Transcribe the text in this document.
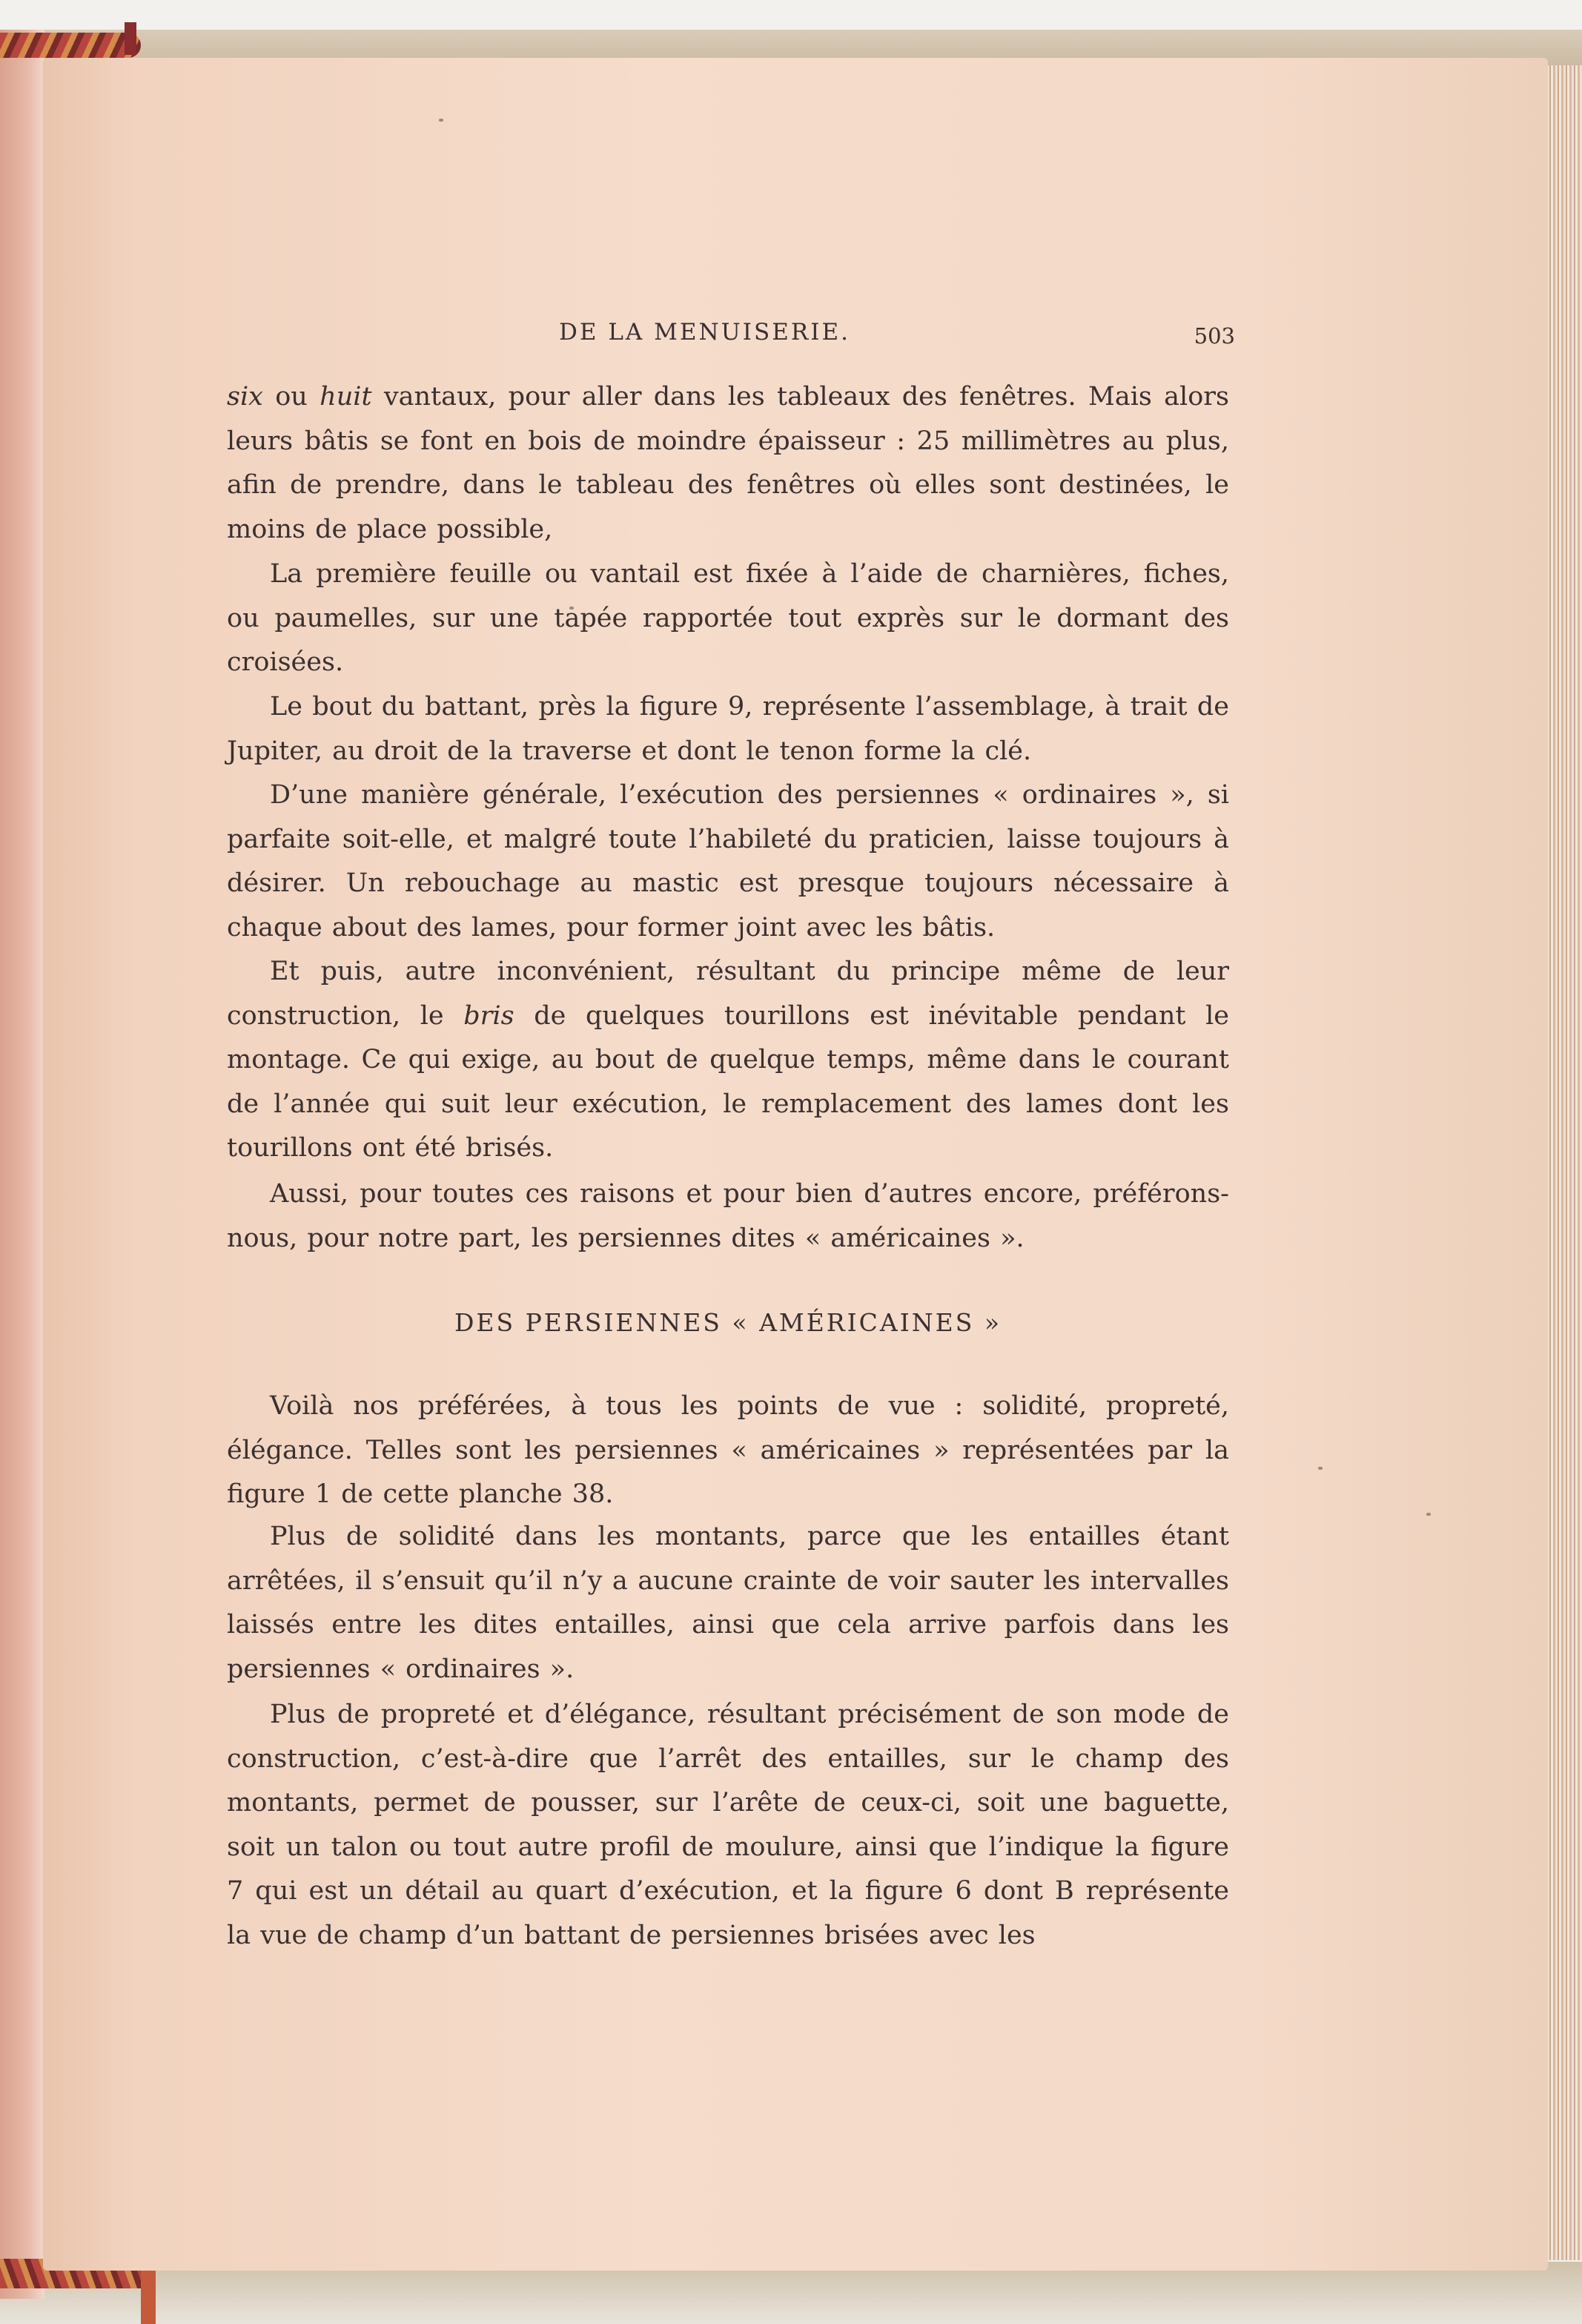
DE LA MENUISERIE.	503

six ou huit vantaux, pour aller dans les tableaux des fenêtres. Mais alors leurs bâtis se font en bois de moindre épaisseur : 25 millimètres au plus, afin de prendre, dans le tableau des fenêtres où elles sont destinées, le moins de place possible,

La première feuille ou vantail est fixée à l’aide de charnières, fiches, ou paumelles, sur une tapée rapportée tout exprès sur le dormant des croisées.

Le bout du battant, près la figure 9, représente l’assemblage, à trait de Jupiter, au droit de la traverse et dont le tenon forme la clé.

D’une manière générale, l’exécution des persiennes « ordinaires », si parfaite soit-elle, et malgré toute l’habileté du praticien, laisse toujours à désirer. Un rebouchage au mastic est presque toujours nécessaire à chaque about des lames, pour former joint avec les bâtis.

Et puis, autre inconvénient, résultant du principe même de leur construction, le bris de quelques tourillons est inévitable pendant le montage. Ce qui exige, au bout de quelque temps, même dans le courant de l’année qui suit leur exécution, le remplacement des lames dont les tourillons ont été brisés.

Aussi, pour toutes ces raisons et pour bien d’autres encore, préférons-nous, pour notre part, les persiennes dites « américaines ».

DES PERSIENNES « AMÉRICAINES »

Voilà nos préférées, à tous les points de vue : solidité, propreté, élégance. Telles sont les persiennes « américaines » représentées par la figure 1 de cette planche 38.

Plus de solidité dans les montants, parce que les entailles étant arrêtées, il s’ensuit qu’il n’y a aucune crainte de voir sauter les intervalles laissés entre les dites entailles, ainsi que cela arrive parfois dans les persiennes « ordinaires ».

Plus de propreté et d’élégance, résultant précisément de son mode de construction, c’est-à-dire que l’arrêt des entailles, sur le champ des montants, permet de pousser, sur l’arête de ceux-ci, soit une baguette, soit un talon ou tout autre profil de moulure, ainsi que l’indique la figure 7 qui est un détail au quart d’exécution, et la figure 6 dont B représente la vue de champ d’un battant de persiennes brisées avec les
